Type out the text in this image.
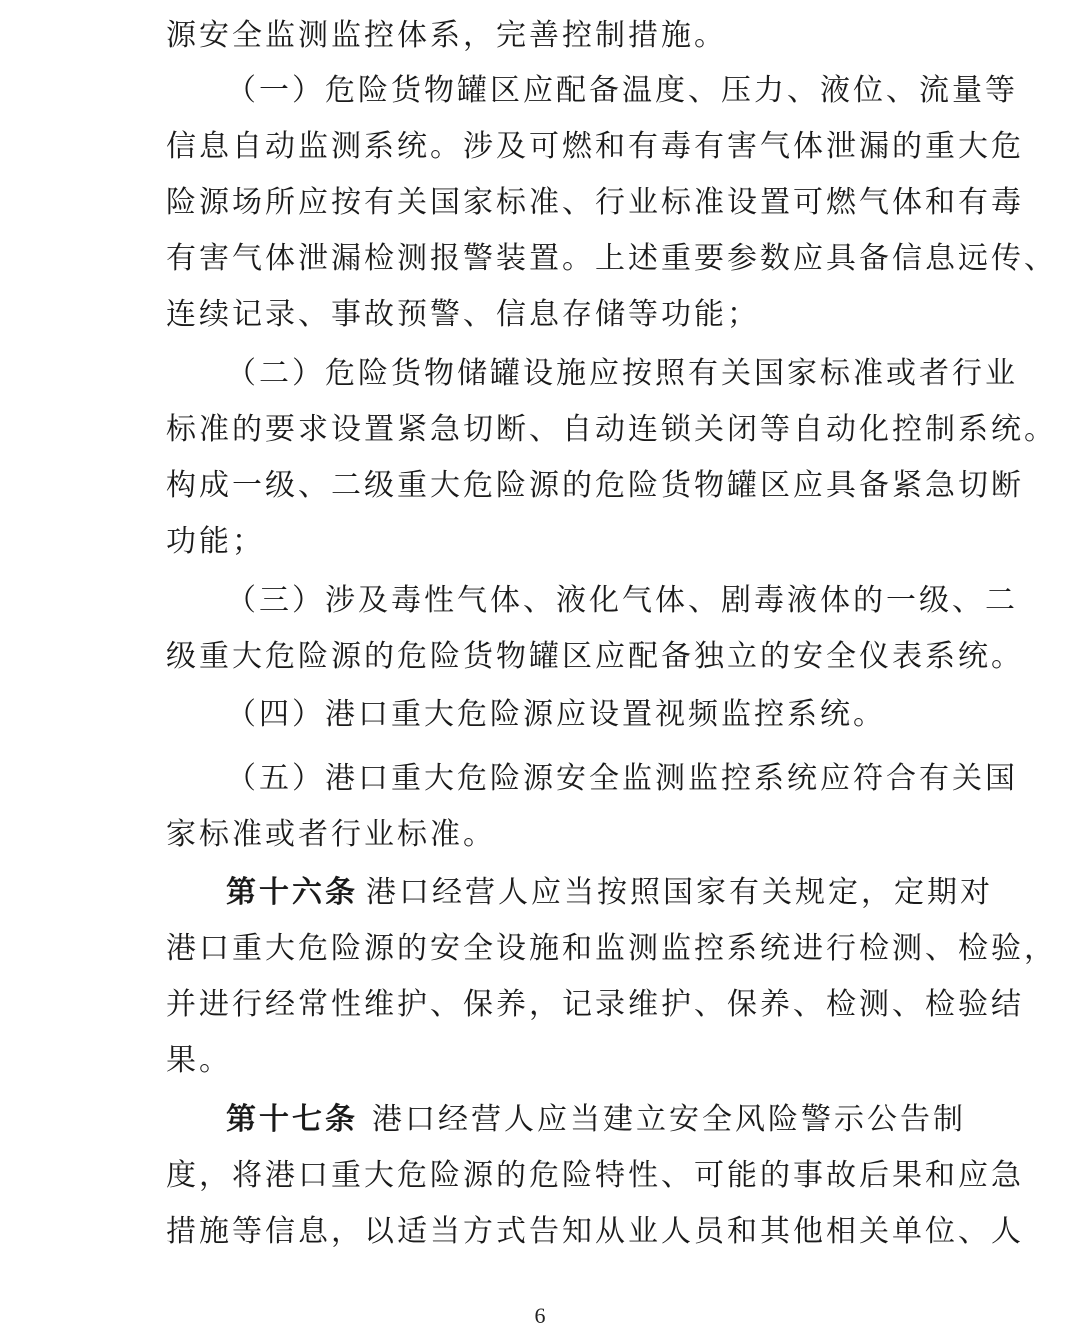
源安全监测监控体系，完善控制措施。
（一）危险货物罐区应配备温度、压力、液位、流量等
信息自动监测系统。涉及可燃和有毒有害气体泄漏的重大危
险源场所应按有关国家标准、行业标准设置可燃气体和有毒
有害气体泄漏检测报警装置。上述重要参数应具备信息远传、
连续记录、事故预警、信息存储等功能；
（二）危险货物储罐设施应按照有关国家标准或者行业
标准的要求设置紧急切断、自动连锁关闭等自动化控制系统。
构成一级、二级重大危险源的危险货物罐区应具备紧急切断
功能；
（三）涉及毒性气体、液化气体、剧毒液体的一级、二
级重大危险源的危险货物罐区应配备独立的安全仪表系统。
（四）港口重大危险源应设置视频监控系统。
（五）港口重大危险源安全监测监控系统应符合有关国
家标准或者行业标准。
第十六条 港口经营人应当按照国家有关规定，定期对
港口重大危险源的安全设施和监测监控系统进行检测、检验，
并进行经常性维护、保养，记录维护、保养、检测、检验结
果。
第十七条 港口经营人应当建立安全风险警示公告制
度，将港口重大危险源的危险特性、可能的事故后果和应急
措施等信息，以适当方式告知从业人员和其他相关单位、人
6
